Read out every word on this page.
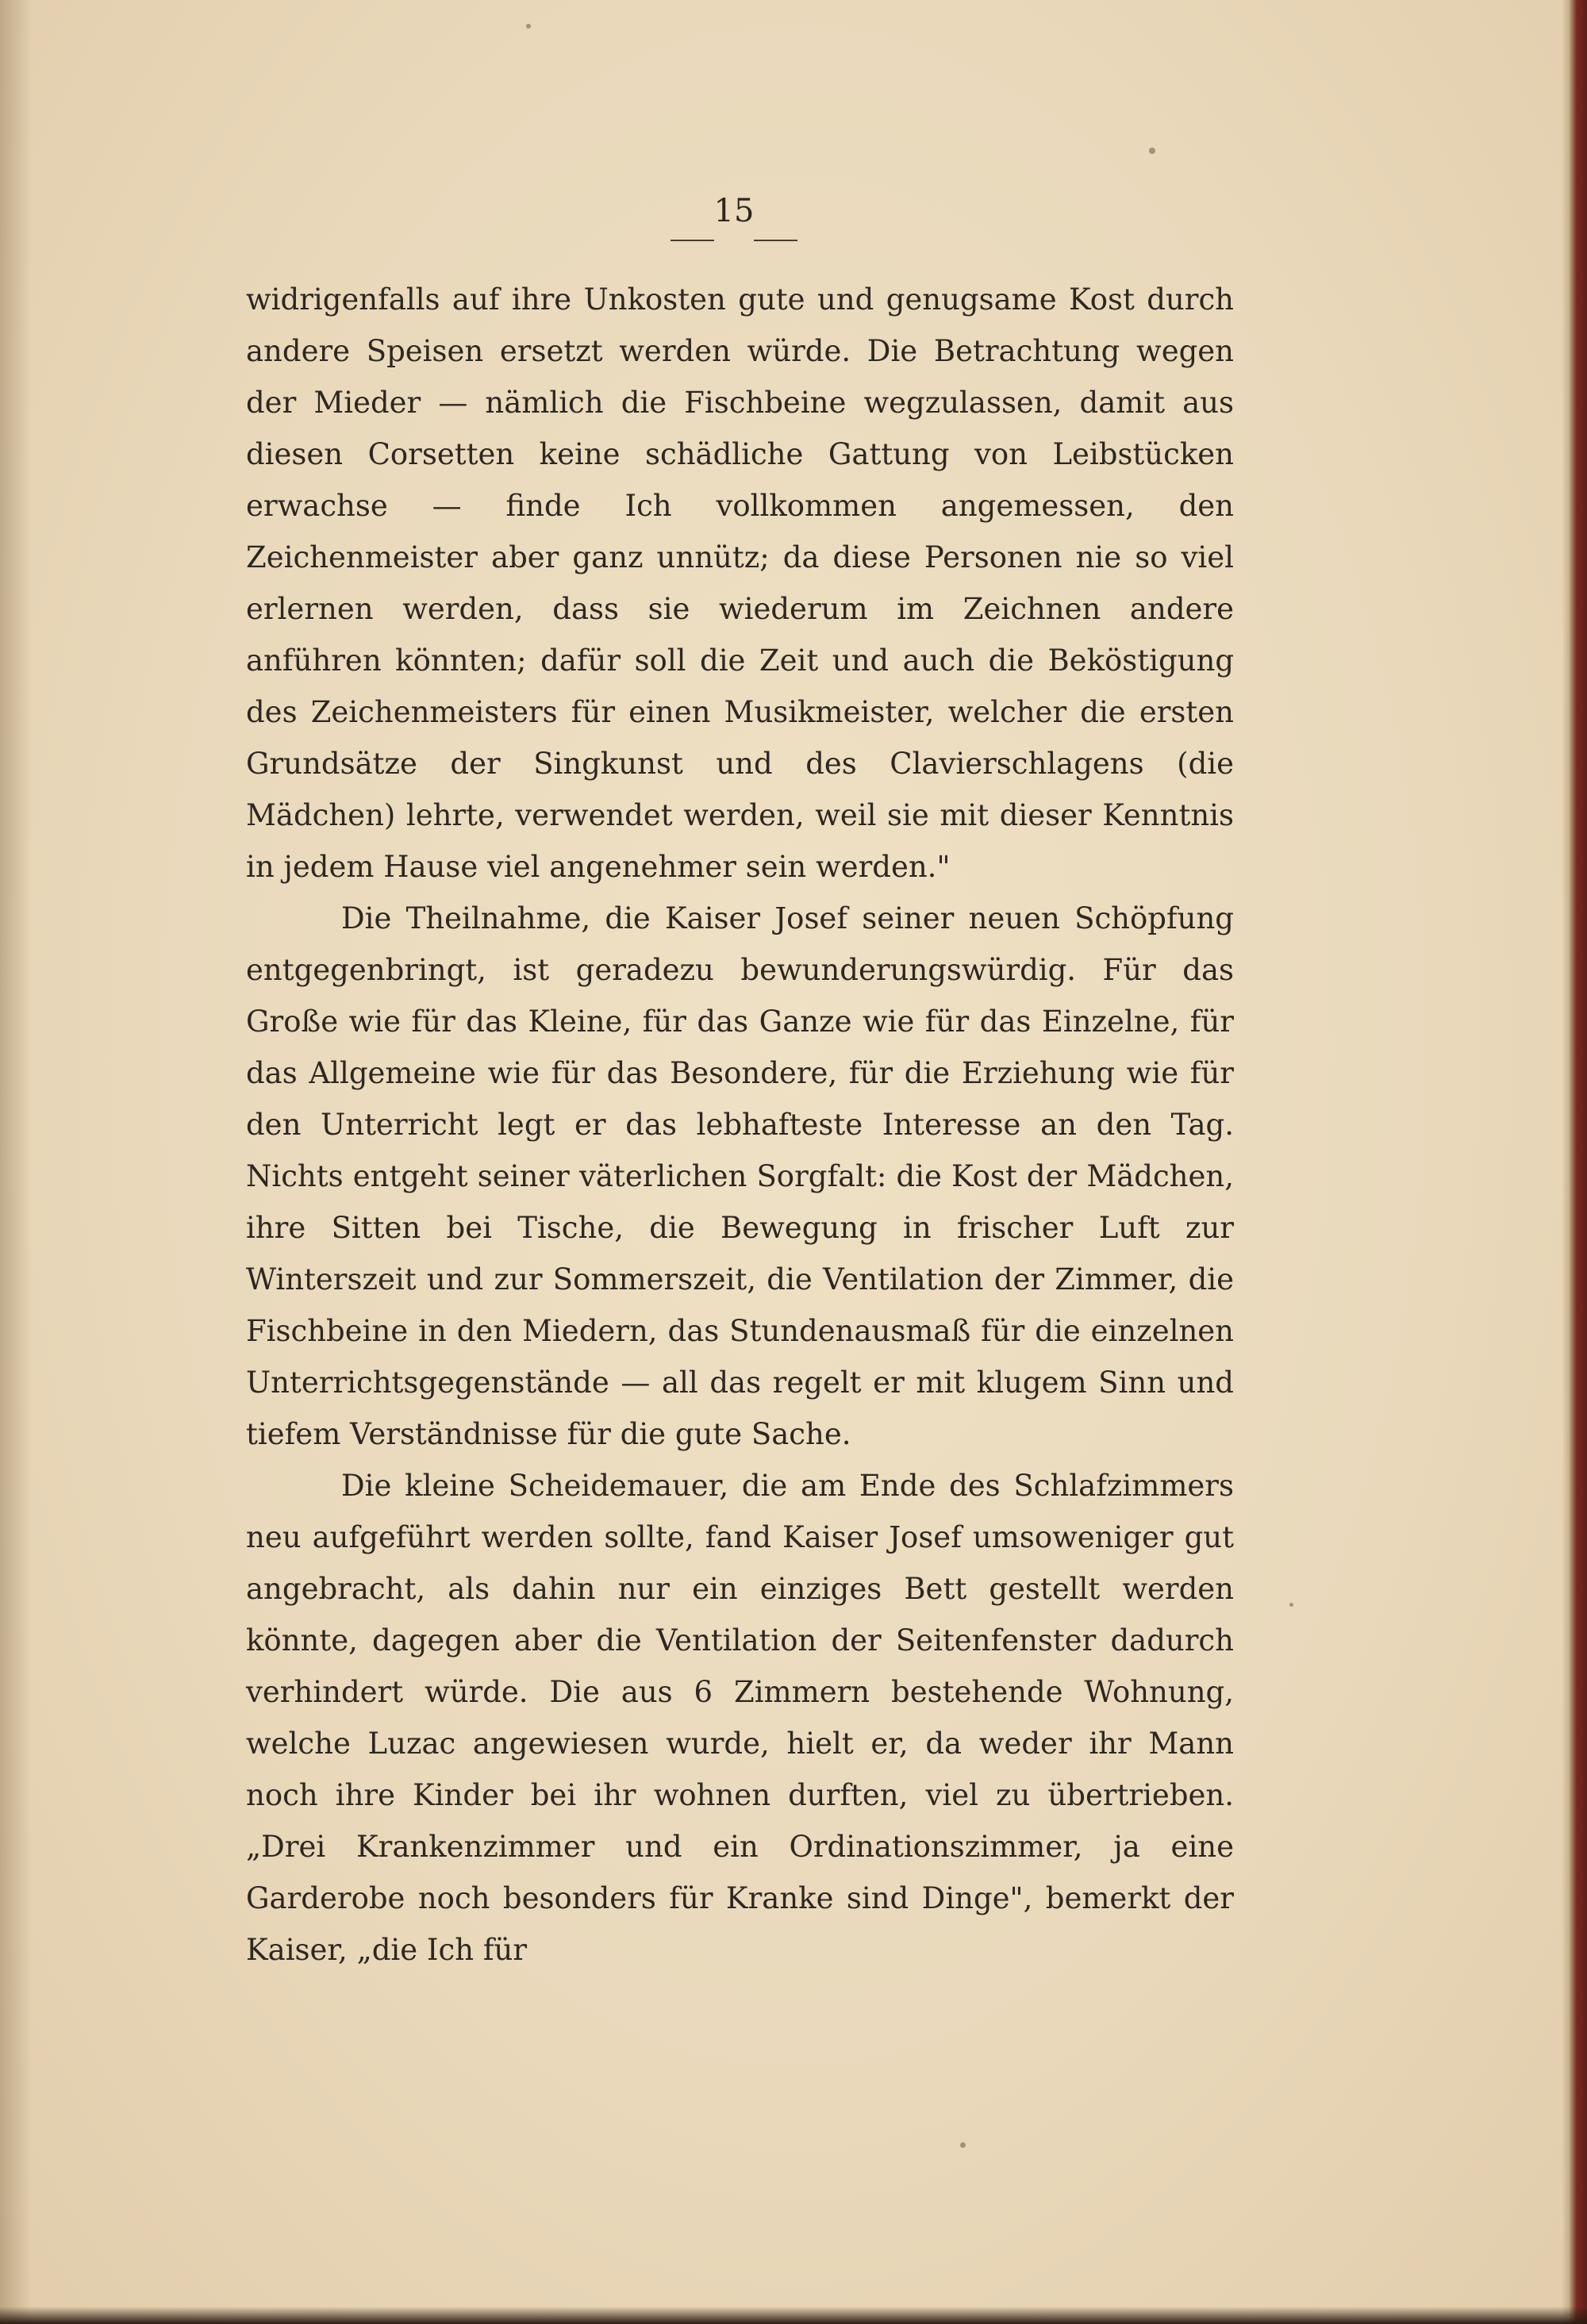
15

widrigenfalls auf ihre Unkosten gute und genugsame Kost durch andere Speisen ersetzt werden würde. Die Betrachtung wegen der Mieder — nämlich die Fischbeine wegzulassen, damit aus diesen Corsetten keine schädliche Gattung von Leibstücken erwachse — finde Ich vollkommen angemessen, den Zeichenmeister aber ganz unnütz; da diese Personen nie so viel erlernen werden, dass sie wiederum im Zeichnen andere anführen könnten; dafür soll die Zeit und auch die Beköstigung des Zeichenmeisters für einen Musikmeister, welcher die ersten Grundsätze der Singkunst und des Clavierschlagens (die Mädchen) lehrte, verwendet werden, weil sie mit dieser Kenntnis in jedem Hause viel angenehmer sein werden."

Die Theilnahme, die Kaiser Josef seiner neuen Schöpfung entgegenbringt, ist geradezu bewunderungswürdig. Für das Große wie für das Kleine, für das Ganze wie für das Einzelne, für das Allgemeine wie für das Besondere, für die Erziehung wie für den Unterricht legt er das lebhafteste Interesse an den Tag. Nichts entgeht seiner väterlichen Sorgfalt: die Kost der Mädchen, ihre Sitten bei Tische, die Bewegung in frischer Luft zur Winterszeit und zur Sommerszeit, die Ventilation der Zimmer, die Fischbeine in den Miedern, das Stundenausmaß für die einzelnen Unterrichtsgegenstände — all das regelt er mit klugem Sinn und tiefem Verständnisse für die gute Sache.

Die kleine Scheidemauer, die am Ende des Schlafzimmers neu aufgeführt werden sollte, fand Kaiser Josef umsoweniger gut angebracht, als dahin nur ein einziges Bett gestellt werden könnte, dagegen aber die Ventilation der Seitenfenster dadurch verhindert würde. Die aus 6 Zimmern bestehende Wohnung, welche Luzac angewiesen wurde, hielt er, da weder ihr Mann noch ihre Kinder bei ihr wohnen durften, viel zu übertrieben. „Drei Krankenzimmer und ein Ordinationszimmer, ja eine Garderobe noch besonders für Kranke sind Dinge", bemerkt der Kaiser, „die Ich für
